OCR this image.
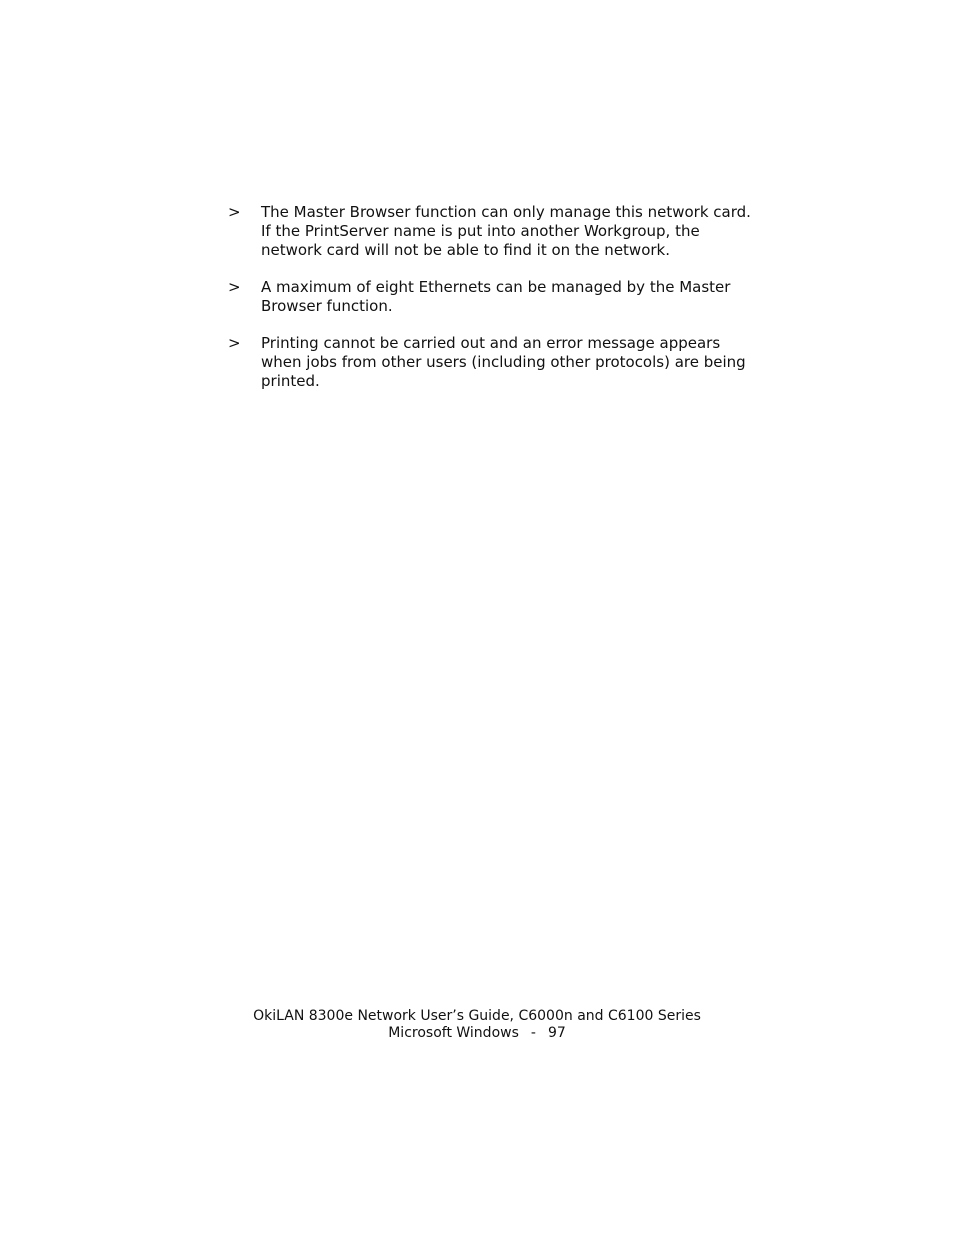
> The Master Browser function can only manage this network card. If the PrintServer name is put into another Workgroup, the network card will not be able to find it on the network.
> A maximum of eight Ethernets can be managed by the Master Browser function.
> Printing cannot be carried out and an error message appears when jobs from other users (including other protocols) are being printed.
OkiLAN 8300e Network User’s Guide, C6000n and C6100 Series
Microsoft Windows - 97
